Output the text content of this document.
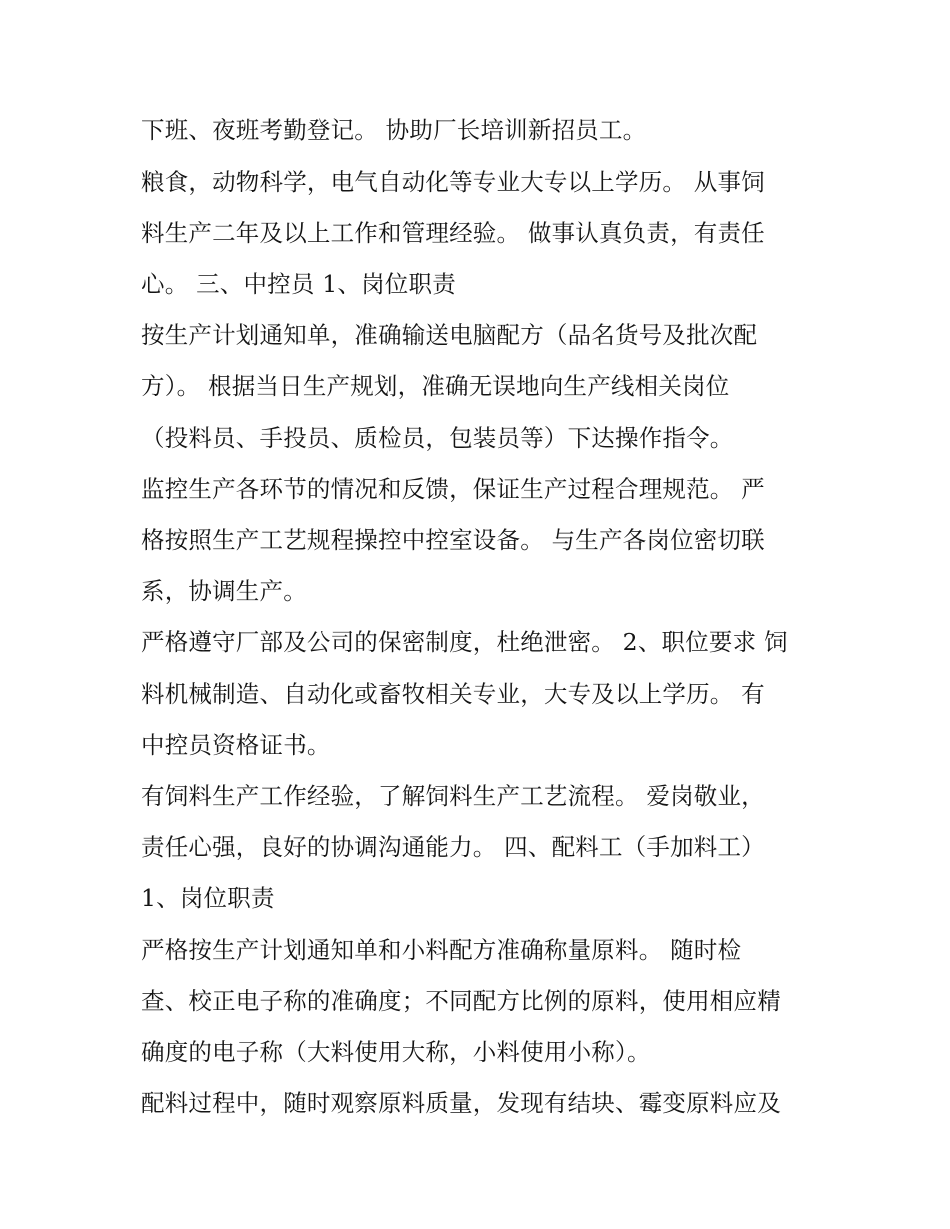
下班、夜班考勤登记。 协助厂长培训新招员工。
粮食，动物科学，电气自动化等专业大专以上学历。 从事饲
料生产二年及以上工作和管理经验。 做事认真负责，有责任
心。 三、中控员 1、岗位职责
按生产计划通知单，准确输送电脑配方（品名货号及批次配
方）。 根据当日生产规划，准确无误地向生产线相关岗位
（投料员、手投员、质检员，包装员等）下达操作指令。
监控生产各环节的情况和反馈，保证生产过程合理规范。 严
格按照生产工艺规程操控中控室设备。 与生产各岗位密切联
系，协调生产。
严格遵守厂部及公司的保密制度，杜绝泄密。 2、职位要求 饲
料机械制造、自动化或畜牧相关专业，大专及以上学历。 有
中控员资格证书。
有饲料生产工作经验，了解饲料生产工艺流程。 爱岗敬业，
责任心强，良好的协调沟通能力。 四、配料工（手加料工）
1、岗位职责
严格按生产计划通知单和小料配方准确称量原料。 随时检
查、校正电子称的准确度；不同配方比例的原料，使用相应精
确度的电子称（大料使用大称，小料使用小称）。
配料过程中，随时观察原料质量，发现有结块、霉变原料应及
